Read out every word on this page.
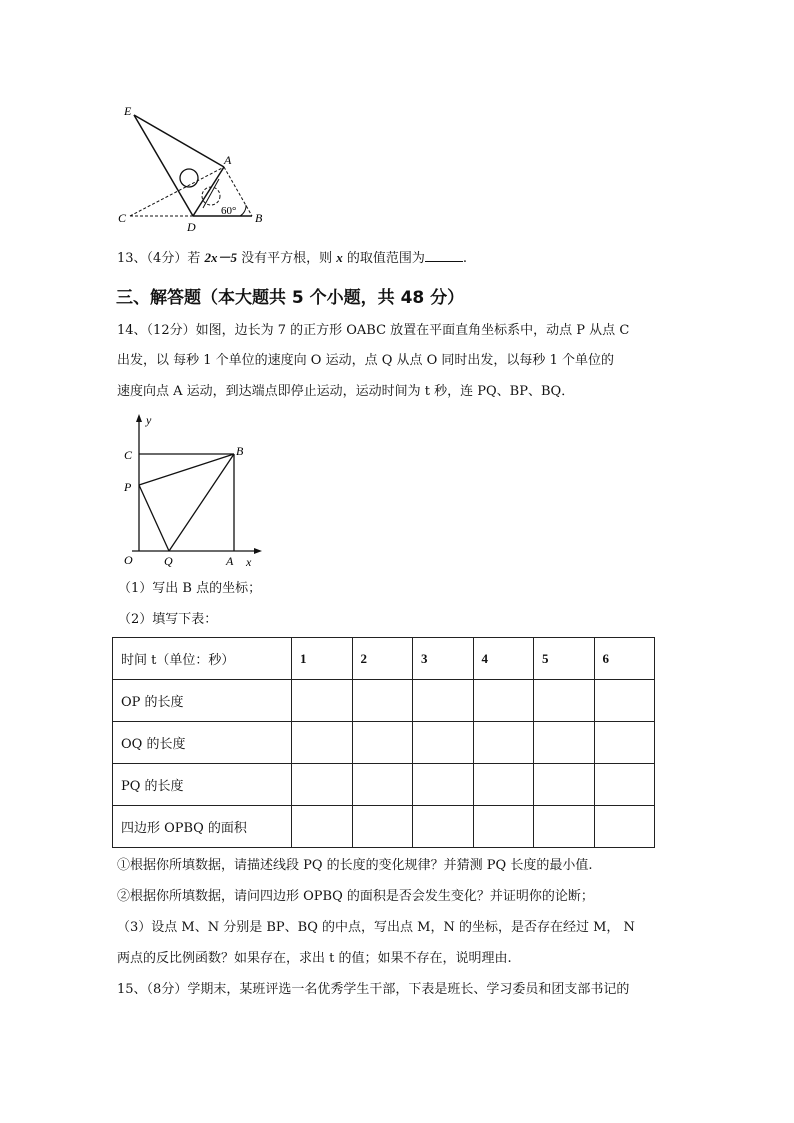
E
A
C
D
B
60°
13、（4分）若 2x－5 没有平方根，则 x 的取值范围为	.
三、解答题（本大题共 5 个小题，共 48 分）
14、（12分）如图，边长为 7 的正方形 OABC 放置在平面直角坐标系中，动点 P 从点 C
出发，以 每秒 1 个单位的速度向 O 运动，点 Q 从点 O 同时出发，以每秒 1 个单位的
速度向点 A 运动，到达端点即停止运动，运动时间为 t 秒，连 PQ、BP、BQ．
y
x
C	B
P
O	Q	A
（1）写出 B 点的坐标；
（2）填写下表：
时间 t（单位：秒）	1	2	3	4	5	6
OP 的长度						
OQ 的长度						
PQ 的长度						
四边形 OPBQ 的面积						
①根据你所填数据，请描述线段 PQ 的长度的变化规律？并猜测 PQ 长度的最小值.
②根据你所填数据，请问四边形 OPBQ 的面积是否会发生变化？并证明你的论断；
（3）设点 M、N 分别是 BP、BQ 的中点，写出点 M，N 的坐标，是否存在经过 M， N
两点的反比例函数？如果存在，求出 t 的值；如果不存在，说明理由.
15、（8分）学期末，某班评选一名优秀学生干部，下表是班长、学习委员和团支部书记的
